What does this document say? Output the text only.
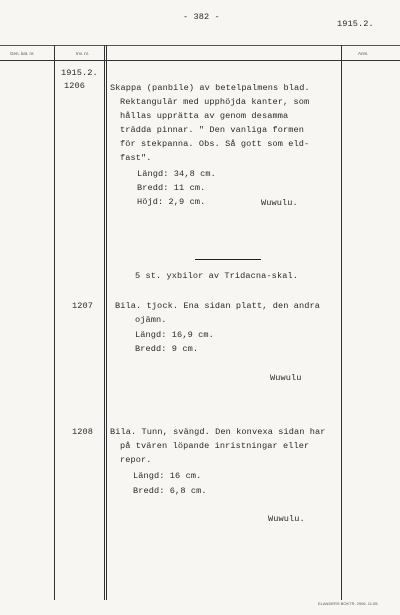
- 382 -
1915.2.
Gen. kat. nr.	Inv. nr.	Anm.
1915.2.
1206	Skappa (panbile) av betelpalmens blad.
Rektangulär med upphöjda kanter, som
hållas upprätta av genom desamma
trädda pinnar. " Den vanliga formen
för stekpanna. Obs. Så gott som eld-
fast".
Längd: 34,8 cm.
Bredd: 11 cm.
Höjd: 2,9 cm.	Wuwulu.
5 st. yxbilor av Tridacna-skal.
1207	Bila. tjock. Ena sidan platt, den andra
ojämn.
Längd: 16,9 cm.
Bredd: 9 cm.
Wuwulu
1208 Bila. Tunn, svängd. Den konvexa sidan har
på tvären löpande inristningar eller
repor.
Längd: 16 cm.
Bredd: 6,8 cm.
Wuwulu.
ELANDERS BOKTR. 2906. 11.05.
